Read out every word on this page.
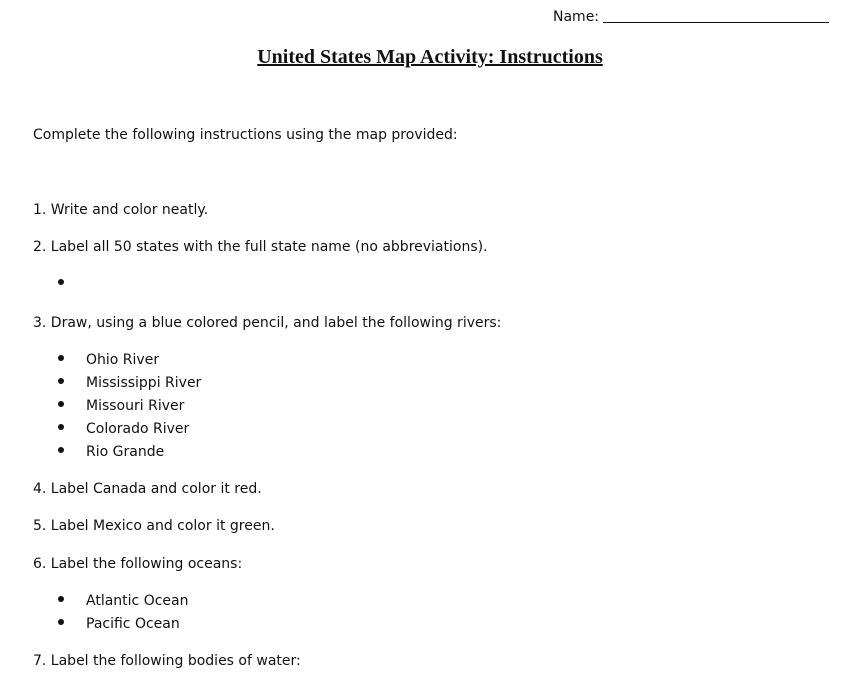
Name:
United States Map Activity: Instructions
Complete the following instructions using the map provided:
1. Write and color neatly.
2. Label all 50 states with the full state name (no abbreviations).
3. Draw, using a blue colored pencil, and label the following rivers:
Ohio River
Mississippi River
Missouri River
Colorado River
Rio Grande
4. Label Canada and color it red.
5. Label Mexico and color it green.
6. Label the following oceans:
Atlantic Ocean
Pacific Ocean
7. Label the following bodies of water:
